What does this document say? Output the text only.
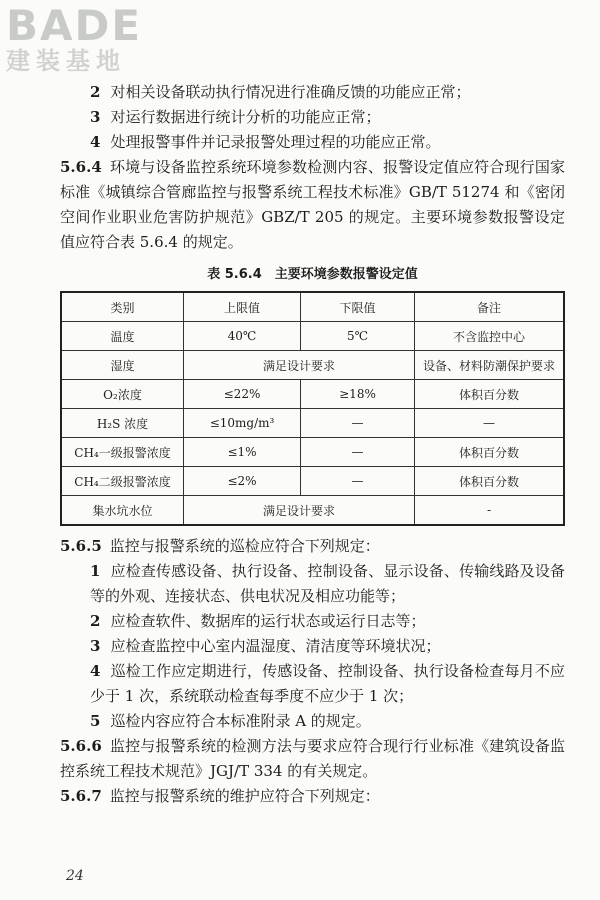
BADE
建装基地

2 对相关设备联动执行情况进行准确反馈的功能应正常；

3 对运行数据进行统计分析的功能应正常；

4 处理报警事件并记录报警处理过程的功能应正常。

5.6.4 环境与设备监控系统环境参数检测内容、报警设定值应符合现行国家标准《城镇综合管廊监控与报警系统工程技术标准》GB/T 51274 和《密闭空间作业职业危害防护规范》GBZ/T 205 的规定。主要环境参数报警设定值应符合表 5.6.4 的规定。

表 5.6.4　主要环境参数报警设定值
类别	上限值	下限值	备注
温度	40℃	5℃	不含监控中心
湿度	满足设计要求		设备、材料防潮保护要求
O₂浓度	≤22%	≥18%	体积百分数
H₂S 浓度	≤10mg/m³	—	—
CH₄一级报警浓度	≤1%	—	体积百分数
CH₄二级报警浓度	≤2%	—	体积百分数
集水坑水位	满足设计要求		-

5.6.5 监控与报警系统的巡检应符合下列规定：

1 应检查传感设备、执行设备、控制设备、显示设备、传输线路及设备等的外观、连接状态、供电状况及相应功能等；

2 应检查软件、数据库的运行状态或运行日志等；

3 应检查监控中心室内温湿度、清洁度等环境状况；

4 巡检工作应定期进行，传感设备、控制设备、执行设备检查每月不应少于 1 次，系统联动检查每季度不应少于 1 次；

5 巡检内容应符合本标准附录 A 的规定。

5.6.6 监控与报警系统的检测方法与要求应符合现行行业标准《建筑设备监控系统工程技术规范》JGJ/T 334 的有关规定。

5.6.7 监控与报警系统的维护应符合下列规定：

24
